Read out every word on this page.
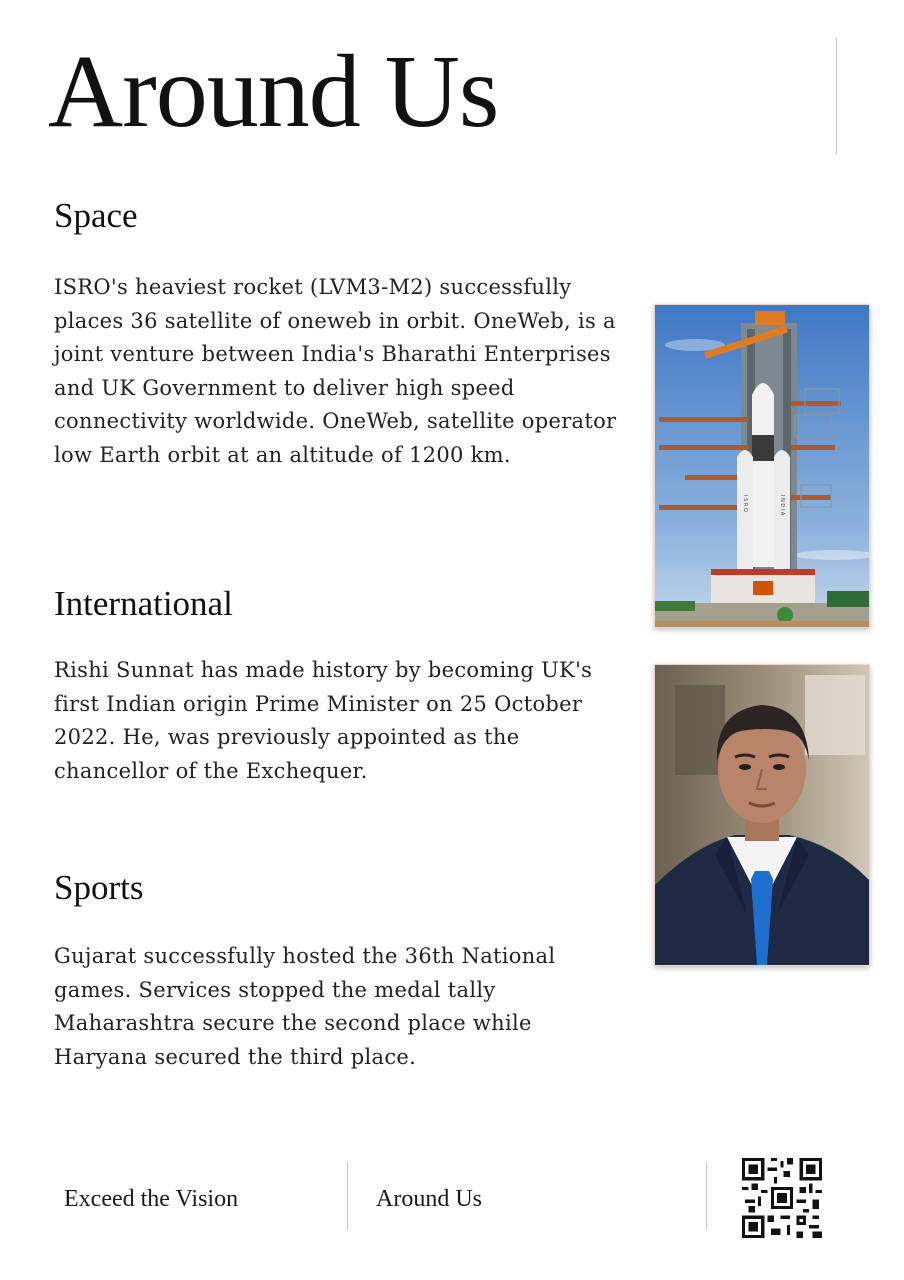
Around Us
Space

ISRO's heaviest rocket (LVM3-M2) successfully places 36 satellite of oneweb in orbit. OneWeb, is a joint venture between India's Bharathi Enterprises and UK Government to deliver high speed connectivity worldwide. OneWeb, satellite operator low Earth orbit at an altitude of 1200 km.

International

Rishi Sunnat has made history by becoming UK's first Indian origin Prime Minister on 25 October 2022. He, was previously appointed as the chancellor of the Exchequer.

Sports

Gujarat successfully hosted the 36th National games. Services stopped the medal tally Maharashtra secure the second place while Haryana secured the third place.

I S R O	I N D I A
Exceed the Vision	Around Us
